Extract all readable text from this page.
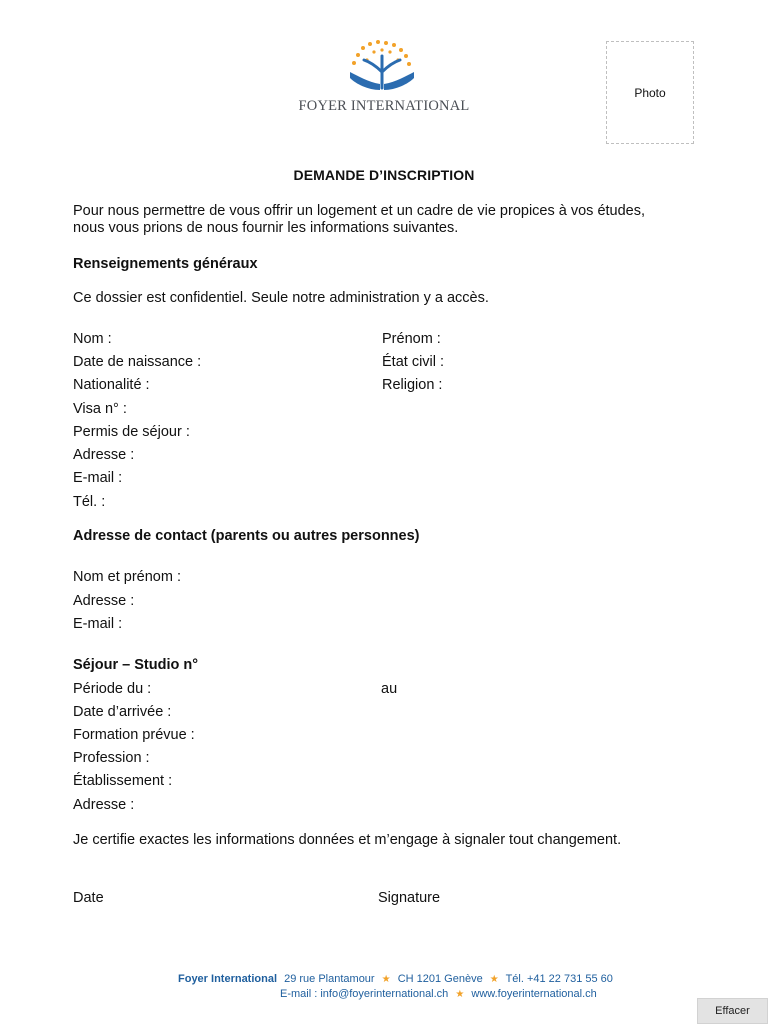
FOYER INTERNATIONAL
Photo
DEMANDE D’INSCRIPTION
Pour nous permettre de vous offrir un logement et un cadre de vie propices à vos études,
nous vous prions de nous fournir les informations suivantes.
Renseignements généraux
Ce dossier est confidentiel. Seule notre administration y a accès.
Nom :
Date de naissance :
Nationalité :
Visa n° :
Permis de séjour :
Adresse :
E-mail :
Tél. :
Prénom :
État civil :
Religion :
Adresse de contact (parents ou autres personnes)
Nom et prénom :
Adresse :
E-mail :
Séjour – Studio n°
Période du :	au
Date d’arrivée :
Formation prévue :
Profession :
Établissement :
Adresse :
Je certifie exactes les informations données et m’engage à signaler tout changement.
Date	Signature
Foyer International 29 rue Plantamour ★ CH 1201 Genève ★ Tél. +41 22 731 55 60
E-mail : info@foyerinternational.ch ★ www.foyerinternational.ch
Effacer
